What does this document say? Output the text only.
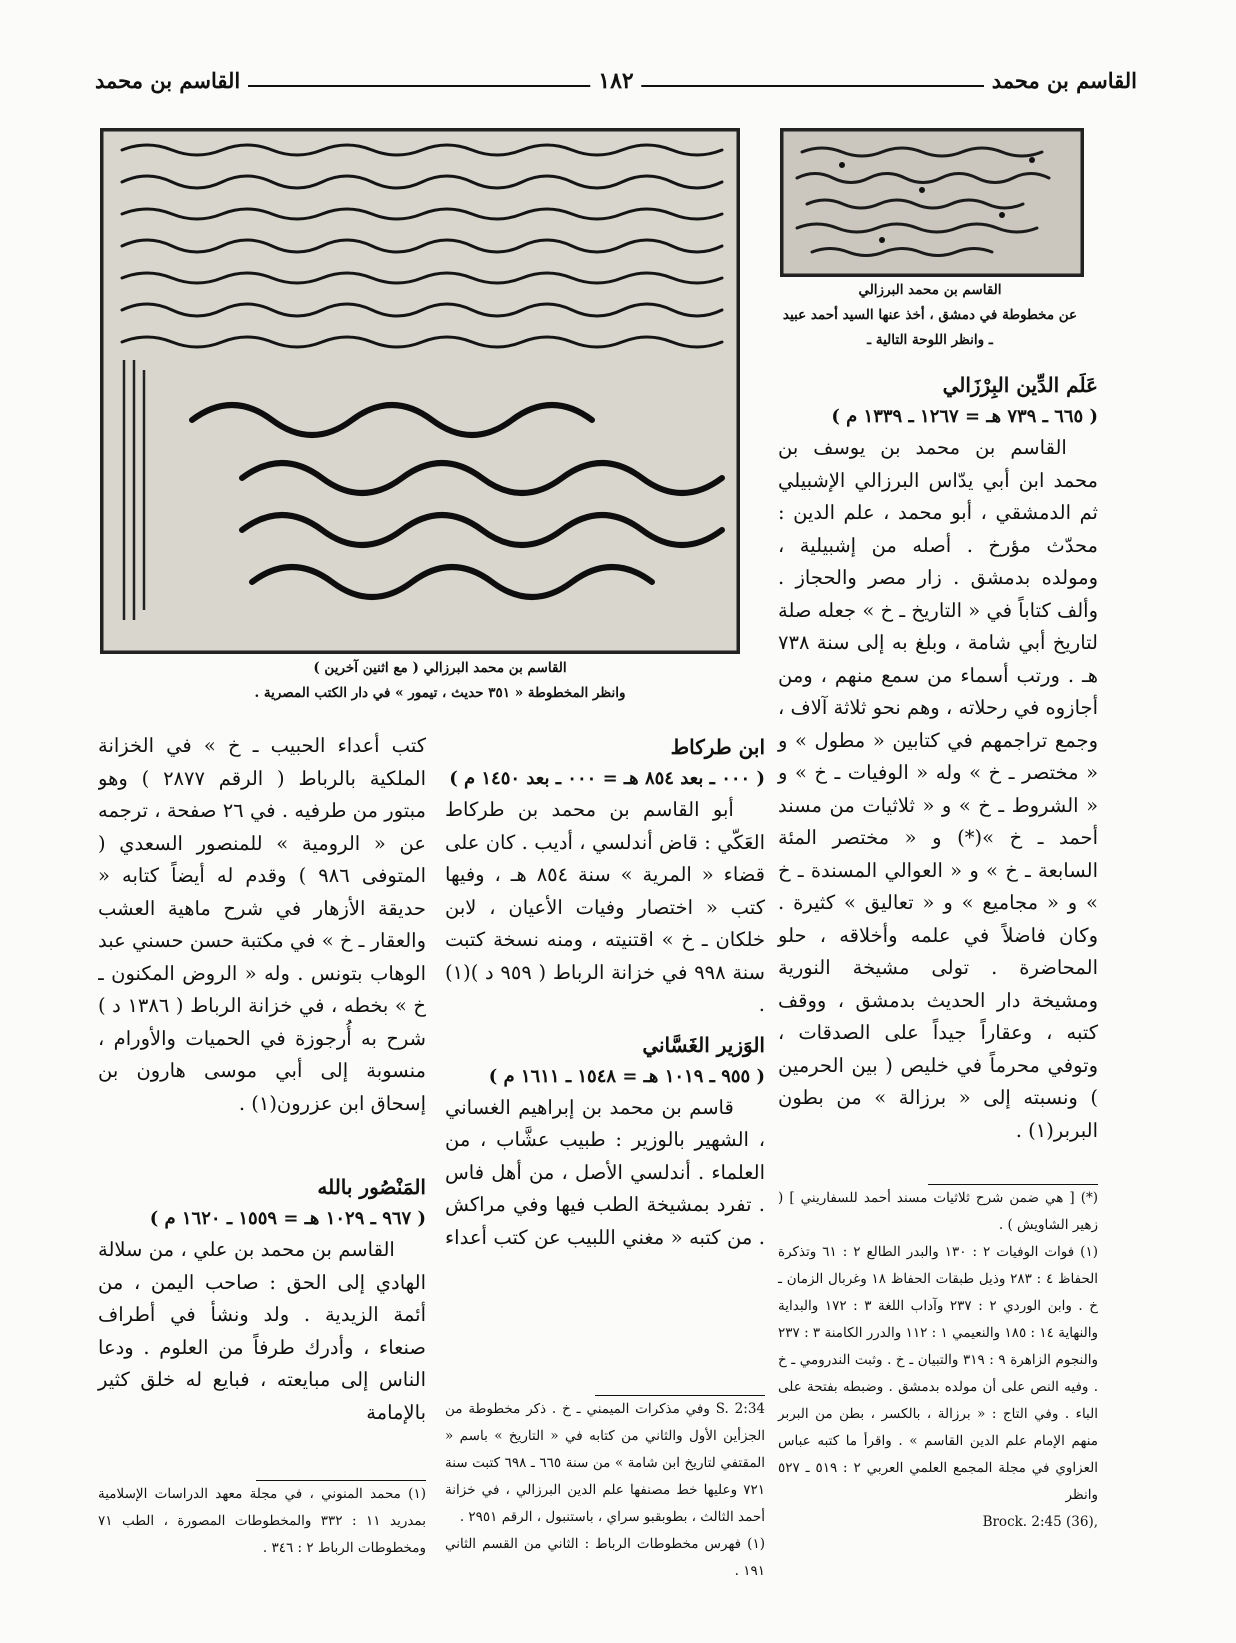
القاسم بن محمد
١٨٢
القاسم بن محمد
القاسم بن محمد البرزالي
عن مخطوطة في دمشق ، أخذ عنها السيد أحمد عبيد
ـ وانظر اللوحة التالية ـ
القاسم بن محمد البرزالي ( مع اثنين آخرين )
وانظر المخطوطة « ٣٥١ حديث ، تيمور » في دار الكتب المصرية .

عَلَم الدِّين البِرْزَالي

( ٦٦٥ ـ ٧٣٩ هـ = ١٢٦٧ ـ ١٣٣٩ م )

القاسم بن محمد بن يوسف بن محمد ابن أبي يدّاس البرزالي الإشبيلي ثم الدمشقي ، أبو محمد ، علم الدين : محدّث مؤرخ . أصله من إشبيلية ، ومولده بدمشق . زار مصر والحجاز . وألف كتاباً في « التاريخ ـ خ » جعله صلة لتاريخ أبي شامة ، وبلغ به إلى سنة ٧٣٨ هـ . ورتب أسماء من سمع منهم ، ومن أجازوه في رحلاته ، وهم نحو ثلاثة آلاف ، وجمع تراجمهم في كتابين « مطول » و « مختصر ـ خ » وله « الوفيات ـ خ » و « الشروط ـ خ » و « ثلاثيات من مسند أحمد ـ خ »(*) و « مختصر المئة السابعة ـ خ » و « العوالي المسندة ـ خ » و « مجاميع » و « تعاليق » كثيرة . وكان فاضلاً في علمه وأخلاقه ، حلو المحاضرة . تولى مشيخة النورية ومشيخة دار الحديث بدمشق ، ووقف كتبه ، وعقاراً جيداً على الصدقات ، وتوفي محرماً في خليص ( بين الحرمين ) ونسبته إلى « برزالة » من بطون البربر(١) .

(*) [ هي ضمن شرح ثلاثيات مسند أحمد للسفاريني ] ( زهير الشاويش ) .

(١) فوات الوفيات ٢ : ١٣٠ والبدر الطالع ٢ : ٦١ وتذكرة الحفاظ ٤ : ٢٨٣ وذيل طبقات الحفاظ ١٨ وغربال الزمان ـ خ . وابن الوردي ٢ : ٢٣٧ وآداب اللغة ٣ : ١٧٢ والبداية والنهاية ١٤ : ١٨٥ والنعيمي ١ : ١١٢ والدرر الكامنة ٣ : ٢٣٧ والنجوم الزاهرة ٩ : ٣١٩ والتبيان ـ خ . وثبت الندرومي ـ خ . وفيه النص على أن مولده بدمشق . وضبطه بفتحة على الباء . وفي التاج : « برزالة ، بالكسر ، بطن من البربر منهم الإمام علم الدين القاسم » . واقرأ ما كتبه عباس العزاوي في مجلة المجمع العلمي العربي ٢ : ٥١٩ ـ ٥٢٧ وانظر

Brock. 2:45 (36),

ابن طركاط

( ٠٠٠ ـ بعد ٨٥٤ هـ = ٠٠٠ ـ بعد ١٤٥٠ م )

أبو القاسم بن محمد بن طركاط العَكّي : قاض أندلسي ، أديب . كان على قضاء « المرية » سنة ٨٥٤ هـ ، وفيها كتب « اختصار وفيات الأعيان ، لابن خلكان ـ خ » اقتنيته ، ومنه نسخة كتبت سنة ٩٩٨ في خزانة الرباط ( ٩٥٩ د )(١) .

الوَزير الغَسَّاني

( ٩٥٥ ـ ١٠١٩ هـ = ١٥٤٨ ـ ١٦١١ م )

قاسم بن محمد بن إبراهيم الغساني ، الشهير بالوزير : طبيب عشَّاب ، من العلماء . أندلسي الأصل ، من أهل فاس . تفرد بمشيخة الطب فيها وفي مراكش . من كتبه « مغني اللبيب عن كتب أعداء

S. 2:34 وفي مذكرات الميمني ـ خ . ذكر مخطوطة من الجزأين الأول والثاني من كتابه في « التاريخ » باسم « المقتفي لتاريخ ابن شامة » من سنة ٦٦٥ ـ ٦٩٨ كتبت سنة ٧٢١ وعليها خط مصنفها علم الدين البرزالي ، في خزانة أحمد الثالث ، بطوبقبو سراي ، باستنبول ، الرقم ٢٩٥١ .

(١) فهرس مخطوطات الرباط : الثاني من القسم الثاني ١٩١ .

كتب أعداء الحبيب ـ خ » في الخزانة الملكية بالرباط ( الرقم ٢٨٧٧ ) وهو مبتور من طرفيه . في ٢٦ صفحة ، ترجمه عن « الرومية » للمنصور السعدي ( المتوفى ٩٨٦ ) وقدم له أيضاً كتابه « حديقة الأزهار في شرح ماهية العشب والعقار ـ خ » في مكتبة حسن حسني عبد الوهاب بتونس . وله « الروض المكنون ـ خ » بخطه ، في خزانة الرباط ( ١٣٨٦ د ) شرح به أُرجوزة في الحميات والأورام ، منسوبة إلى أبي موسى هارون بن إسحاق ابن عزرون(١) .

المَنْصُور بالله

( ٩٦٧ ـ ١٠٢٩ هـ = ١٥٥٩ ـ ١٦٢٠ م )

القاسم بن محمد بن علي ، من سلالة الهادي إلى الحق : صاحب اليمن ، من أئمة الزيدية . ولد ونشأ في أطراف صنعاء ، وأدرك طرفاً من العلوم . ودعا الناس إلى مبايعته ، فبايع له خلق كثير بالإمامة

(١) محمد المنوني ، في مجلة معهد الدراسات الإسلامية بمدريد ١١ : ٣٣٢ والمخطوطات المصورة ، الطب ٧١ ومخطوطات الرباط ٢ : ٣٤٦ .
